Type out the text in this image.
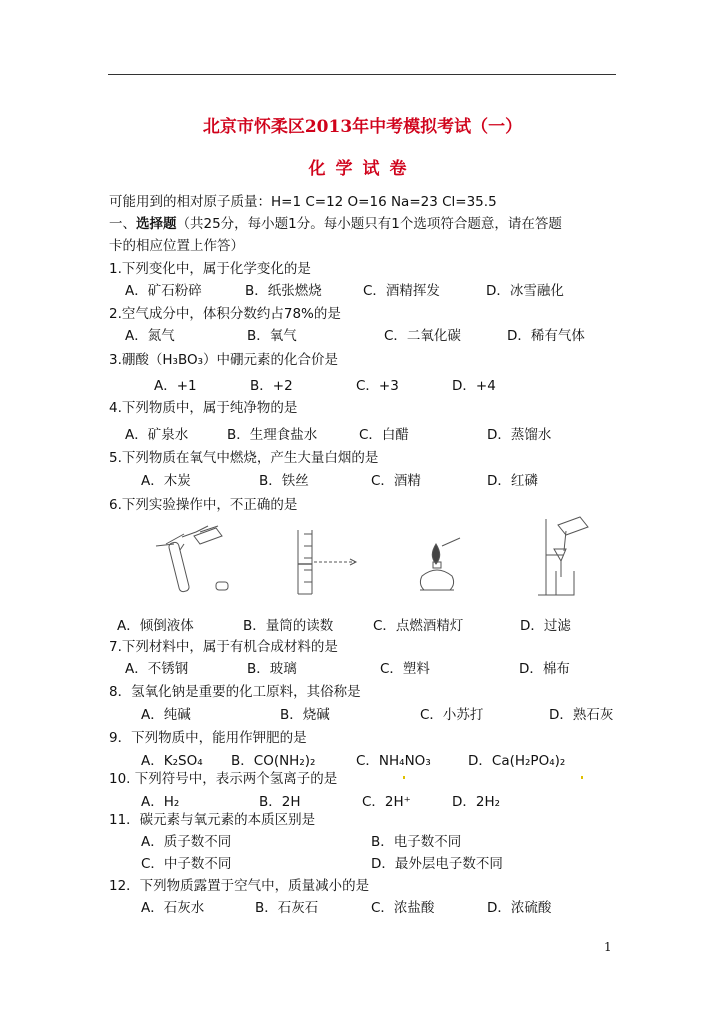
北京市怀柔区2013年中考模拟考试（一）
化学试卷
可能用到的相对原子质量：H=1 C=12 O=16 Na=23 Cl=35.5
一、选择题（共25分，每小题1分。每小题只有1个选项符合题意，请在答题
卡的相应位置上作答）
1.下列变化中，属于化学变化的是
A．矿石粉碎	B．纸张燃烧	C．酒精挥发	D．冰雪融化
2.空气成分中，体积分数约占78%的是
A．氮气	B．氧气	C．二氧化碳	D．稀有气体
3.硼酸（H₃BO₃）中硼元素的化合价是
A．+1	B．+2	C．+3	D．+4
4.下列物质中，属于纯净物的是
A．矿泉水	B．生理食盐水	C．白醋	D．蒸馏水
5.下列物质在氧气中燃烧，产生大量白烟的是
A．木炭	B．铁丝	C．酒精	D．红磷
6.下列实验操作中，不正确的是
A．倾倒液体	B．量筒的读数	C．点燃酒精灯	D．过滤
7.下列材料中，属于有机合成材料的是
A．不锈钢	B．玻璃	C．塑料	D．棉布
8．氢氧化钠是重要的化工原料，其俗称是
A．纯碱	B．烧碱	C．小苏打	D．熟石灰
9．下列物质中，能用作钾肥的是
A．K₂SO₄ B．CO(NH₂)₂	C．NH₄NO₃	D．Ca(H₂PO₄)₂
10. 下列符号中，表示两个氢离子的是
A．H₂	B．2H	C．2H⁺	D．2H₂
11．碳元素与氧元素的本质区别是
A．质子数不同	B．电子数不同
C．中子数不同	D．最外层电子数不同
12．下列物质露置于空气中，质量减小的是
A．石灰水	B．石灰石	C．浓盐酸	D．浓硫酸
1
